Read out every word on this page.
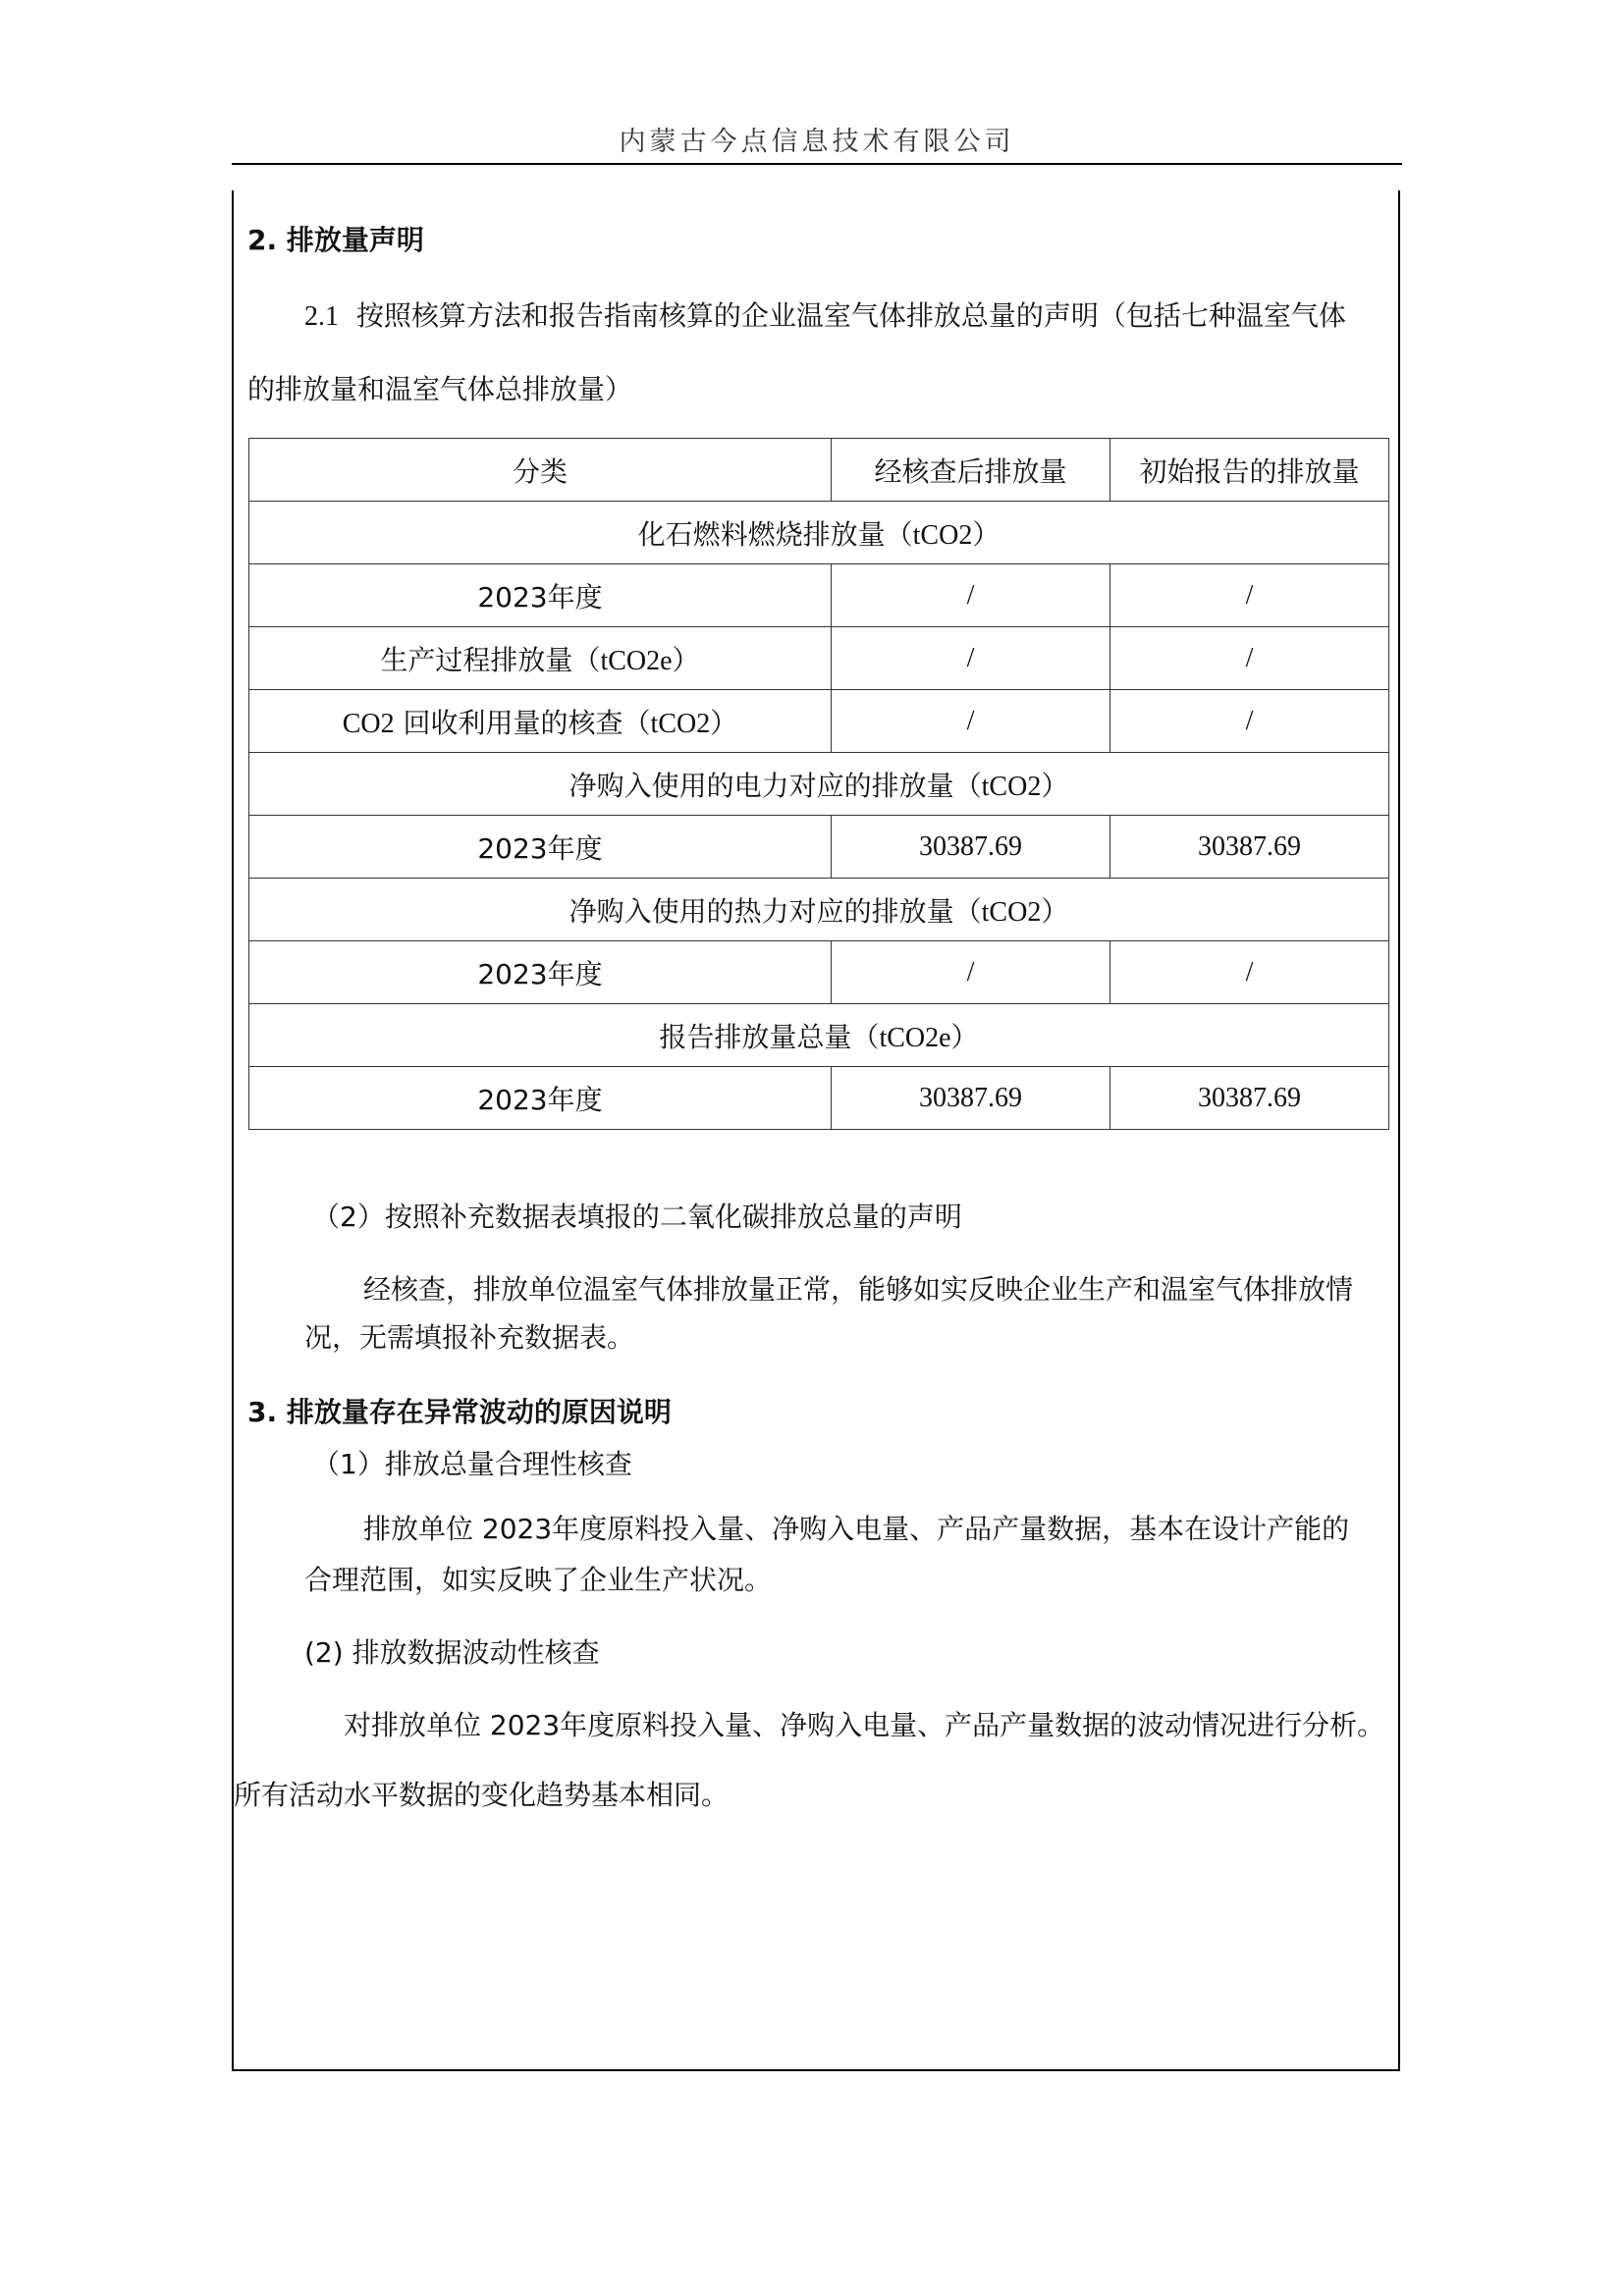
内蒙古今点信息技术有限公司
2. 排放量声明
2.1 按照核算方法和报告指南核算的企业温室气体排放总量的声明（包括七种温室气体
的排放量和温室气体总排放量）
分类	经核查后排放量	初始报告的排放量
化石燃料燃烧排放量（tCO2）		
2023年度	/	/
生产过程排放量（tCO2e）	/	/
CO2 回收利用量的核查（tCO2）	/	/
净购入使用的电力对应的排放量（tCO2）		
2023年度	30387.69	30387.69
净购入使用的热力对应的排放量（tCO2）		
2023年度	/	/
报告排放量总量（tCO2e）		
2023年度	30387.69	30387.69
（2）按照补充数据表填报的二氧化碳排放总量的声明
经核查，排放单位温室气体排放量正常，能够如实反映企业生产和温室气体排放情
况，无需填报补充数据表。
3. 排放量存在异常波动的原因说明
（1）排放总量合理性核查
排放单位 2023年度原料投入量、净购入电量、产品产量数据，基本在设计产能的
合理范围，如实反映了企业生产状况。
(2) 排放数据波动性核查
对排放单位 2023年度原料投入量、净购入电量、产品产量数据的波动情况进行分析。
所有活动水平数据的变化趋势基本相同。
